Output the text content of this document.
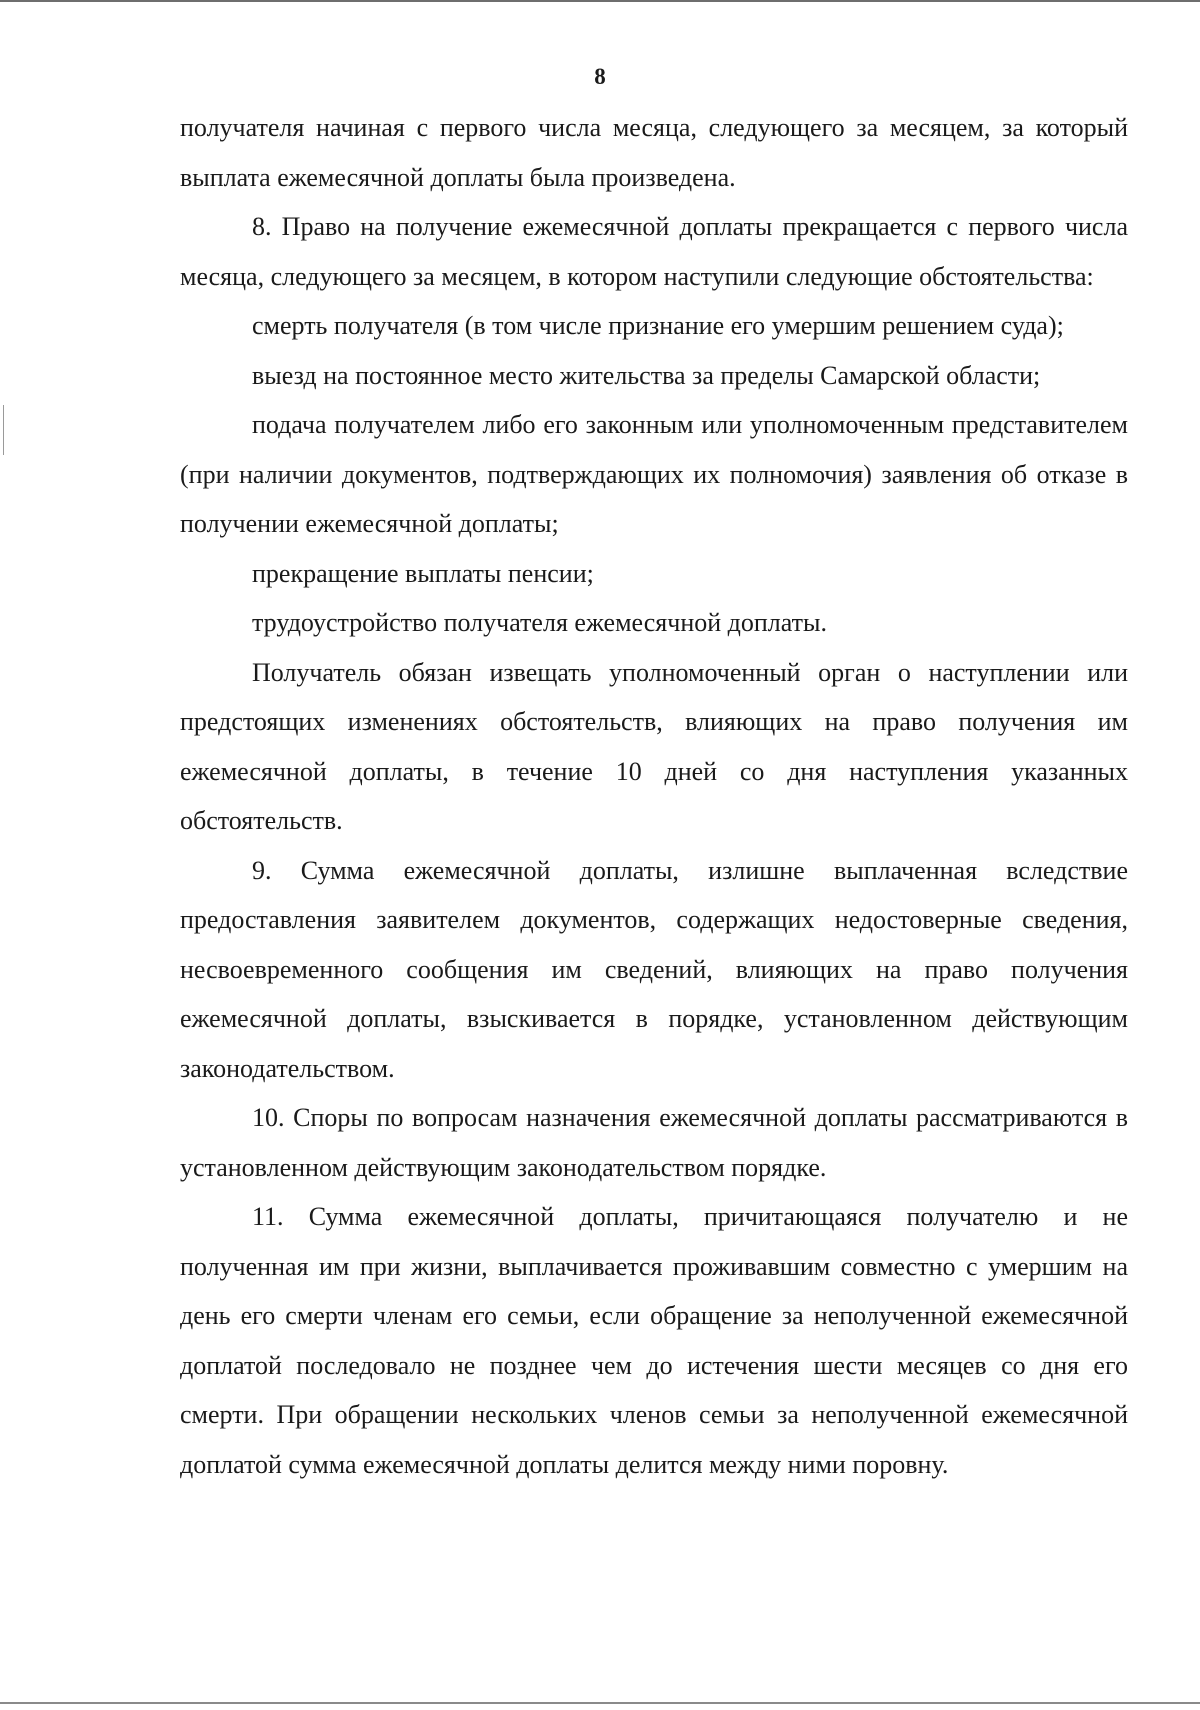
8

получателя начиная с первого числа месяца, следующего за месяцем, за который выплата ежемесячной доплаты была произведена.

8. Право на получение ежемесячной доплаты прекращается с первого числа месяца, следующего за месяцем, в котором наступили следующие обстоятельства:

смерть получателя (в том числе признание его умершим решением суда);

выезд на постоянное место жительства за пределы Самарской области;

подача получателем либо его законным или уполномоченным представителем (при наличии документов, подтверждающих их полномочия) заявления об отказе в получении ежемесячной доплаты;

прекращение выплаты пенсии;

трудоустройство получателя ежемесячной доплаты.

Получатель обязан извещать уполномоченный орган о наступлении или предстоящих изменениях обстоятельств, влияющих на право получения им ежемесячной доплаты, в течение 10 дней со дня наступления указанных обстоятельств.

9. Сумма ежемесячной доплаты, излишне выплаченная вследствие предоставления заявителем документов, содержащих недостоверные сведения, несвоевременного сообщения им сведений, влияющих на право получения ежемесячной доплаты, взыскивается в порядке, установленном действующим законодательством.

10. Споры по вопросам назначения ежемесячной доплаты рассматриваются в установленном действующим законодательством порядке.

11. Сумма ежемесячной доплаты, причитающаяся получателю и не полученная им при жизни, выплачивается проживавшим совместно с умершим на день его смерти членам его семьи, если обращение за неполученной ежемесячной доплатой последовало не позднее чем до истечения шести месяцев со дня его смерти. При обращении нескольких членов семьи за неполученной ежемесячной доплатой сумма ежемесячной доплаты делится между ними поровну.
